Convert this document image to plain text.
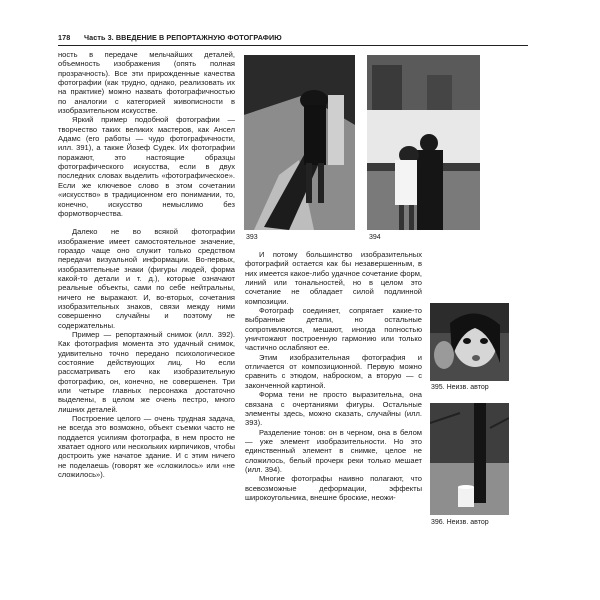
178 Часть 3. ВВЕДЕНИЕ В РЕПОРТАЖНУЮ ФОТОГРАФИЮ

ность в передаче мельчайших деталей, объемность изображения (опять полная прозрачность). Все эти прирожденные качества фотографии (как трудно, однако, реализовать их на практике) можно назвать фотографичностью по аналогии с категорией живописности в изобразительном искусстве.

Яркий пример подобной фотографии — творчество таких великих мастеров, как Ансел Адамс (его работы — чудо фотографичности, илл. 391), а также Йозеф Судек. Их фотографии поражают, это настоящие образцы фотографического искусства, если в двух последних словах выделить «фотографическое». Если же ключевое слово в этом сочетании «искусство» в традиционном его понимании, то, конечно, искусство немыслимо без формотворчества.

Далеко не во всякой фотографии изображение имеет самостоятельное значение, гораздо чаще оно служит только средством передачи визуальной информации. Во-первых, изобразительные знаки (фигуры людей, форма какой-то детали и т. д.), которые означают реальные объекты, сами по себе нейтральны, ничего не выражают. И, во-вторых, сочетания изобразительных знаков, связи между ними совершенно случайны и поэтому не содержательны.

Пример — репортажный снимок (илл. 392). Как фотография момента это удачный снимок, удивительно точно передано психологическое состояние действующих лиц. Но если рассматривать его как изобразительную фотографию, он, конечно, не совершенен. Три или четыре главных персонажа достаточно выделены, в целом же очень пестро, много лишних деталей.

Построение целого — очень трудная задача, не всегда это возможно, объект съемки часто не поддается усилиям фотографа, в нем просто не хватает одного или нескольких кирпичиков, чтобы достроить уже начатое здание. И с этим ничего не поделаешь (говорят же «сложилось» или «не сложилось»).

393	394

И потому большинство изобразительных фотографий остается как бы незавершенным, в них имеется какое-либо удачное сочетание форм, линий или тональностей, но в целом это сочетание не обладает силой подлинной композиции.

Фотограф соединяет, сопрягает какие-то выбранные детали, но остальные сопротивляются, мешают, иногда полностью уничтожают построенную гармонию или только частично ослабляют ее.

Этим изобразительная фотография и отличается от композиционной. Первую можно сравнить с этюдом, наброском, а вторую — с законченной картиной.

Форма тени не просто выразительна, она связана с очертаниями фигуры. Остальные элементы здесь, можно сказать, случайны (илл. 393).

Разделение тонов: он в черном, она в белом — уже элемент изобразительности. Но это единственный элемент в снимке, целое не сложилось, белый прочерк реки только мешает (илл. 394).

Многие фотографы наивно полагают, что всевозможные деформации, эффекты широкоугольника, внешне броские, неожи-

395. Неизв. автор
396. Неизв. автор
